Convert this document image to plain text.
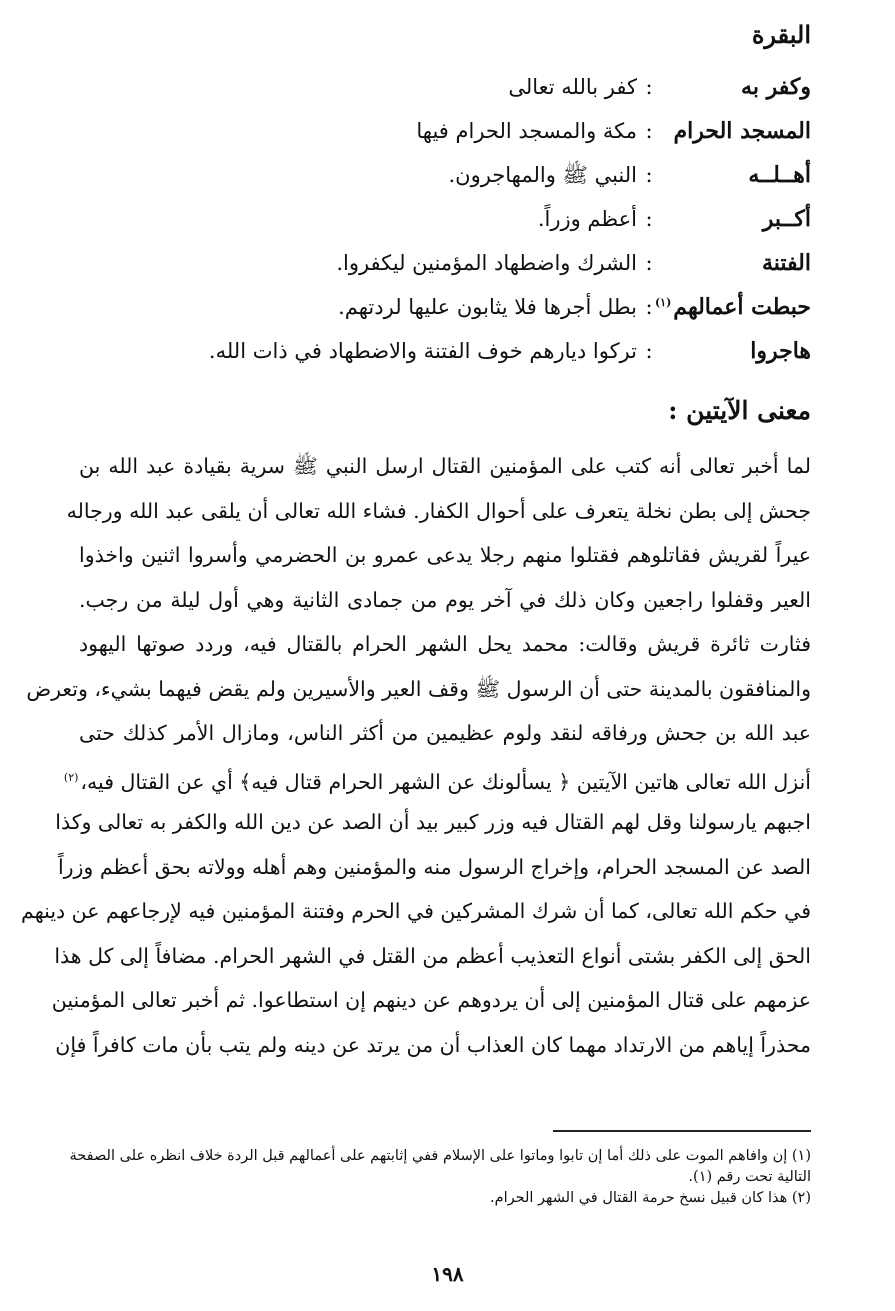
البقرة
وكفر به
:
كفر بالله تعالى
المسجد الحرام
:
مكة والمسجد الحرام فيها
أهــلــه
:
النبي ﷺ والمهاجرون.
أكــبر
:
أعظم وزراً.
الفتنة
:
الشرك واضطهاد المؤمنين ليكفروا.
حبطت أعمالهم$^{(١)}$
:
بطل أجرها فلا يثابون عليها لردتهم.
هاجروا
:
تركوا ديارهم خوف الفتنة والاضطهاد في ذات الله.
معنى الآيتين :
لما أخبر تعالى أنه كتب على المؤمنين القتال ارسل النبي ﷺ سرية بقيادة عبد الله بن
جحش إلى بطن نخلة يتعرف على أحوال الكفار. فشاء الله تعالى أن يلقى عبد الله ورجاله
عيراً لقريش فقاتلوهم فقتلوا منهم رجلا يدعى عمرو بن الحضرمي وأسروا اثنين واخذوا
العير وقفلوا راجعين وكان ذلك في آخر يوم من جمادى الثانية وهي أول ليلة من رجب.
فثارت ثائرة قريش وقالت: محمد يحل الشهر الحرام بالقتال فيه، وردد صوتها اليهود
والمنافقون بالمدينة حتى أن الرسول ﷺ وقف العير والأسيرين ولم يقض فيهما بشيء، وتعرض
عبد الله بن جحش ورفاقه لنقد ولوم عظيمين من أكثر الناس، ومازال الأمر كذلك حتى
أنزل الله تعالى هاتين الآيتين ﴿ يسألونك عن الشهر الحرام قتال فيه﴾ أي عن القتال فيه،$^{(٢)}$
اجبهم يارسولنا وقل لهم القتال فيه وزر كبير بيد أن الصد عن دين الله والكفر به تعالى وكذا
الصد عن المسجد الحرام، وإخراج الرسول منه والمؤمنين وهم أهله وولاته بحق أعظم وزراً
في حكم الله تعالى، كما أن شرك المشركين في الحرم وفتنة المؤمنين فيه لإرجاعهم عن دينهم
الحق إلى الكفر بشتى أنواع التعذيب أعظم من القتل في الشهر الحرام. مضافاً إلى كل هذا
عزمهم على قتال المؤمنين إلى أن يردوهم عن دينهم إن استطاعوا. ثم أخبر تعالى المؤمنين
محذراً إياهم من الارتداد مهما كان العذاب أن من يرتد عن دينه ولم يتب بأن مات كافراً فإن

(١) إن وافاهم الموت على ذلك أما إن تابوا وماتوا على الإسلام ففي إثابتهم على أعمالهم قبل الردة خلاف انظره على الصفحة التالية تحت رقم (١).

(٢) هذا كان قبيل نسخ حرمة القتال في الشهر الحرام.

١٩٨
